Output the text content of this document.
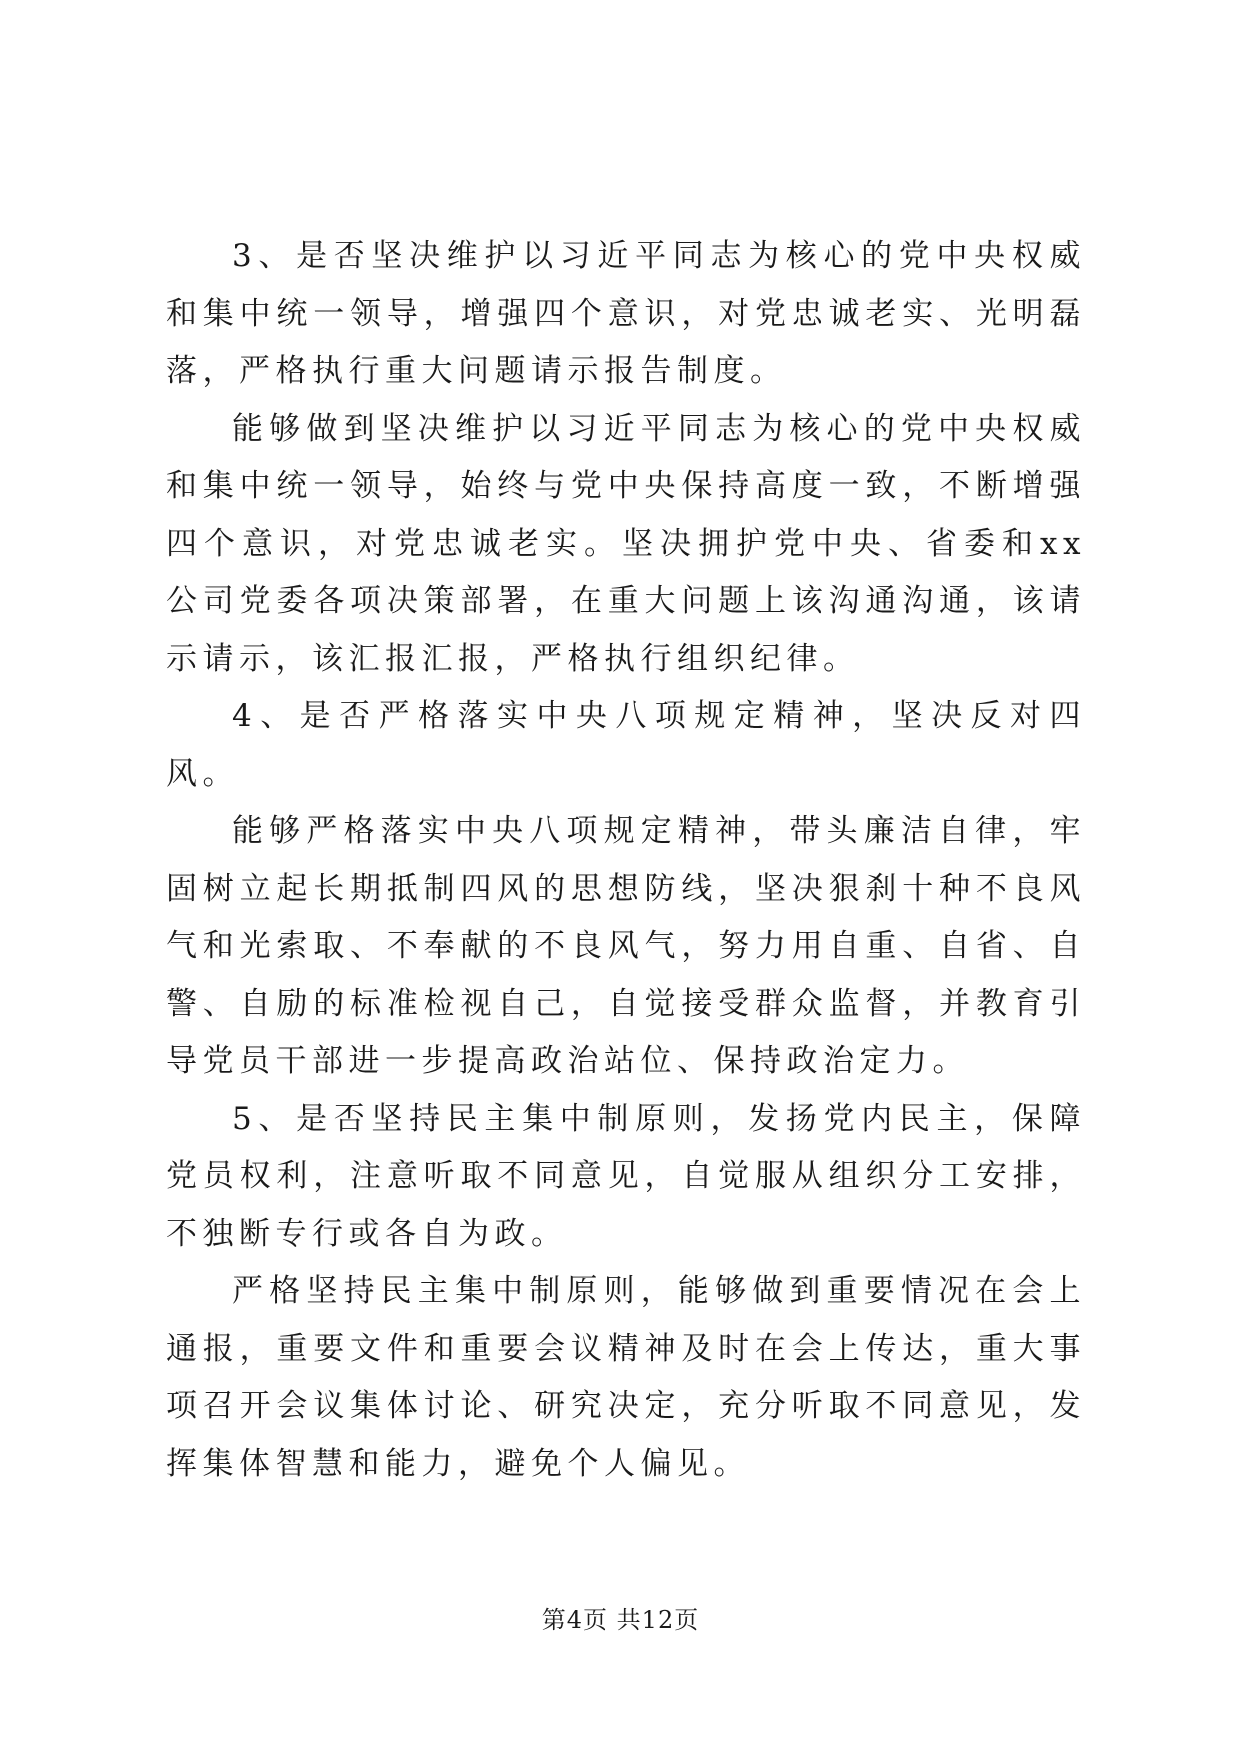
3、是否坚决维护以习近平同志为核心的党中央权威和集中统一领导，增强四个意识，对党忠诚老实、光明磊落，严格执行重大问题请示报告制度。

能够做到坚决维护以习近平同志为核心的党中央权威和集中统一领导，始终与党中央保持高度一致，不断增强四个意识，对党忠诚老实。坚决拥护党中央、省委和xx公司党委各项决策部署，在重大问题上该沟通沟通，该请示请示，该汇报汇报，严格执行组织纪律。

4、是否严格落实中央八项规定精神，坚决反对四风。

能够严格落实中央八项规定精神，带头廉洁自律，牢固树立起长期抵制四风的思想防线，坚决狠刹十种不良风气和光索取、不奉献的不良风气，努力用自重、自省、自警、自励的标准检视自己，自觉接受群众监督，并教育引导党员干部进一步提高政治站位、保持政治定力。

5、是否坚持民主集中制原则，发扬党内民主，保障党员权利，注意听取不同意见，自觉服从组织分工安排，不独断专行或各自为政。

严格坚持民主集中制原则，能够做到重要情况在会上通报，重要文件和重要会议精神及时在会上传达，重大事项召开会议集体讨论、研究决定，充分听取不同意见，发挥集体智慧和能力，避免个人偏见。

第4页 共12页
